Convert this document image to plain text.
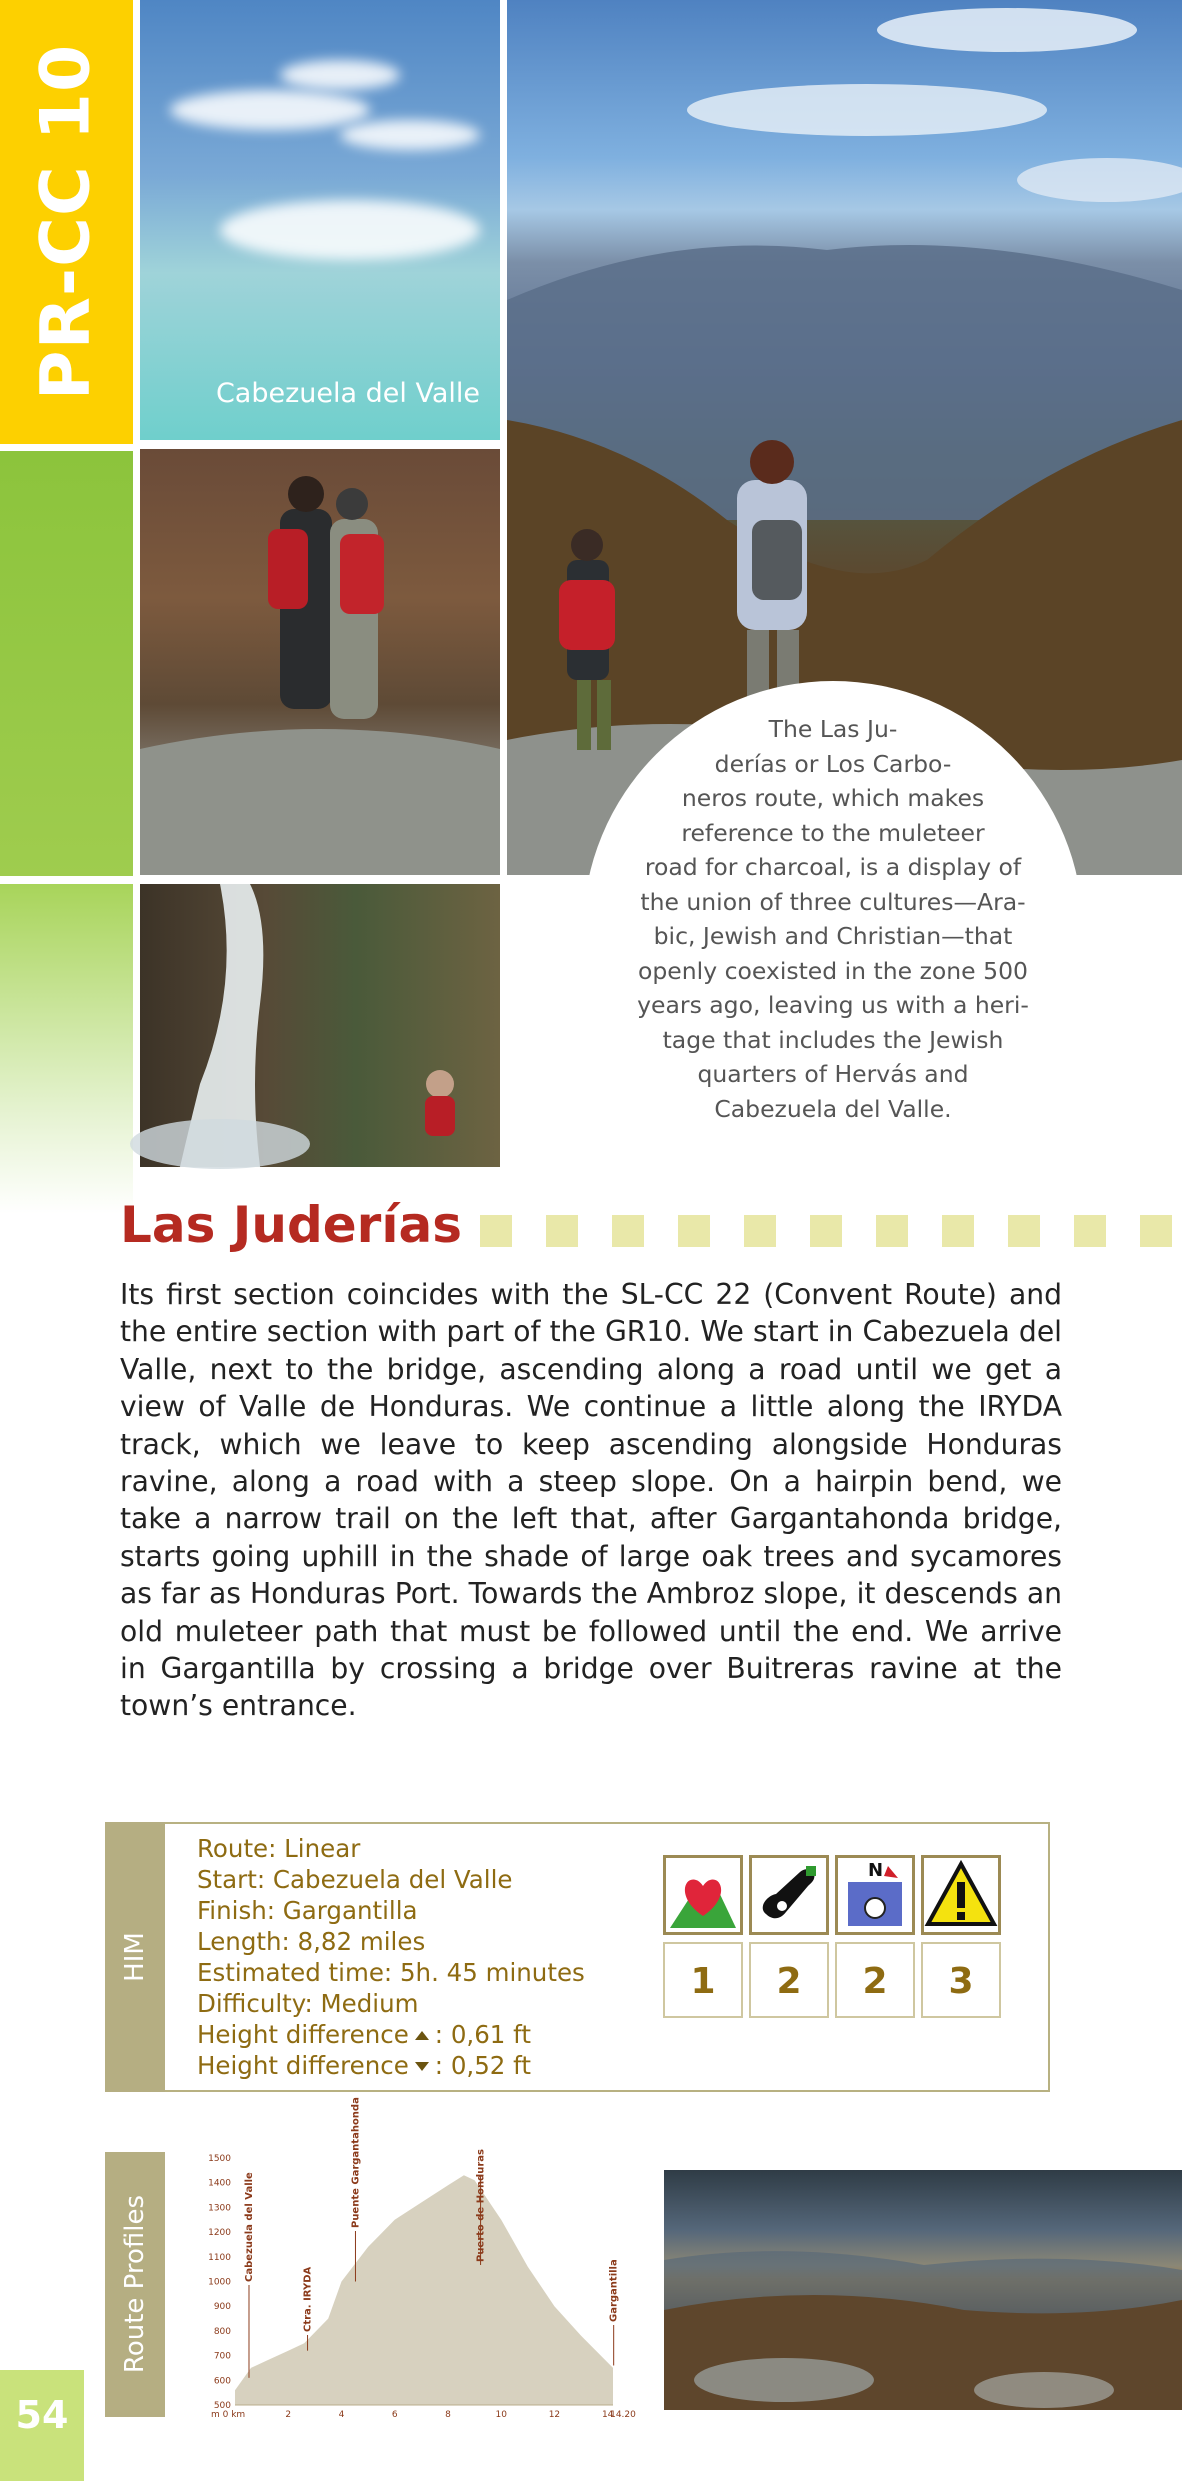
PR-CC 10	Cabezuela del Valle
The Las Ju-
derías or Los Carbo-
neros route, which makes
reference to the muleteer
road for charcoal, is a display of
the union of three cultures—Ara-
bic, Jewish and Christian—that
openly coexisted in the zone 500
years ago, leaving us with a heri-
tage that includes the Jewish
quarters of Hervás and
Cabezuela del Valle.
Las Juderías
Its first section coincides with the SL-CC 22 (Convent Route) and the entire section with part of the GR10. We start in Cabezuela del Valle, next to the bridge, ascending along a road until we get a view of Valle de Honduras. We continue a little along the IRYDA track, which we leave to keep ascending alongside Honduras ravine, along a road with a steep slope. On a hairpin bend, we take a narrow trail on the left that, after Gargantahonda bridge, starts going uphill in the shade of large oak trees and sycamores as far as Honduras Port. Towards the Ambroz slope, it descends an old muleteer path that must be followed until the end. We arrive in Gargantilla by crossing a bridge over Buitreras ravine at the town’s entrance.
HIM
Route: Linear
Start: Cabezuela del Valle
Finish: Gargantilla
Length: 8,82 miles
Estimated time: 5h. 45 minutes
Difficulty: Medium
Height difference : 0,61 ft
Height difference : 0,52 ft
N
1	2	2	3
Route Profiles
500
600
700
800
900
1000
1100
1200
1300
1400
1500
m 0 km	2	4	6	8	10	12	14
14.20
Cabezuela del Valle
Ctra. IRYDA
Puente Gargantahonda	Puerto de Honduras
Gargantilla
54
